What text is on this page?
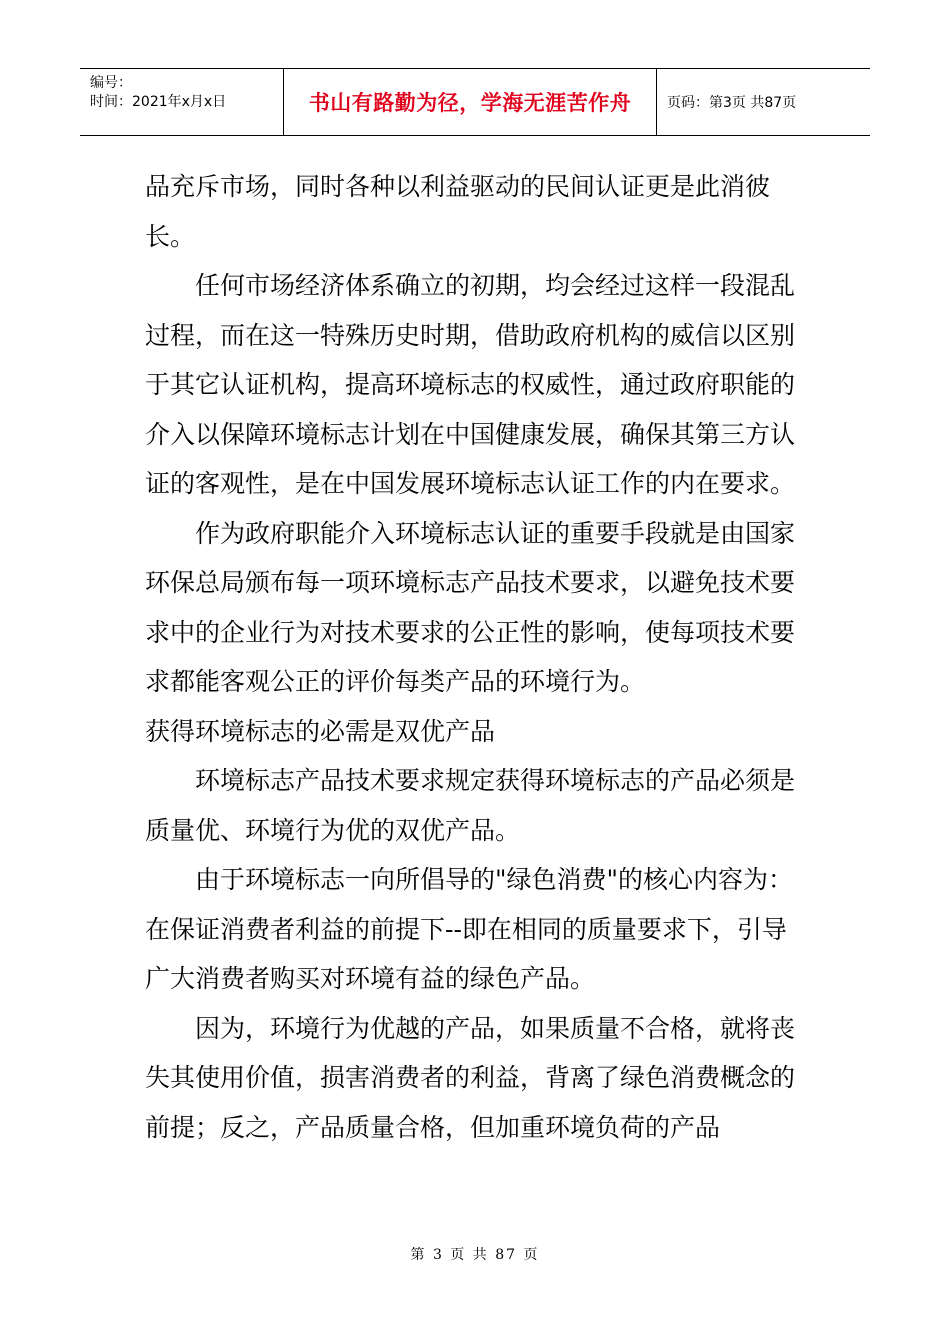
编号：
时间：2021年x月x日	书山有路勤为径，学海无涯苦作舟	页码：第3页 共87页

品充斥市场，同时各种以利益驱动的民间认证更是此消彼长。

任何市场经济体系确立的初期，均会经过这样一段混乱过程，而在这一特殊历史时期，借助政府机构的威信以区别于其它认证机构，提高环境标志的权威性，通过政府职能的介入以保障环境标志计划在中国健康发展，确保其第三方认证的客观性，是在中国发展环境标志认证工作的内在要求。

作为政府职能介入环境标志认证的重要手段就是由国家环保总局颁布每一项环境标志产品技术要求，以避免技术要求中的企业行为对技术要求的公正性的影响，使每项技术要求都能客观公正的评价每类产品的环境行为。

获得环境标志的必需是双优产品

环境标志产品技术要求规定获得环境标志的产品必须是质量优、环境行为优的双优产品。

由于环境标志一向所倡导的"绿色消费"的核心内容为：在保证消费者利益的前提下--即在相同的质量要求下，引导广大消费者购买对环境有益的绿色产品。

因为，环境行为优越的产品，如果质量不合格，就将丧失其使用价值，损害消费者的利益，背离了绿色消费概念的前提；反之，产品质量合格，但加重环境负荷的产品

第 3 页 共 87 页
